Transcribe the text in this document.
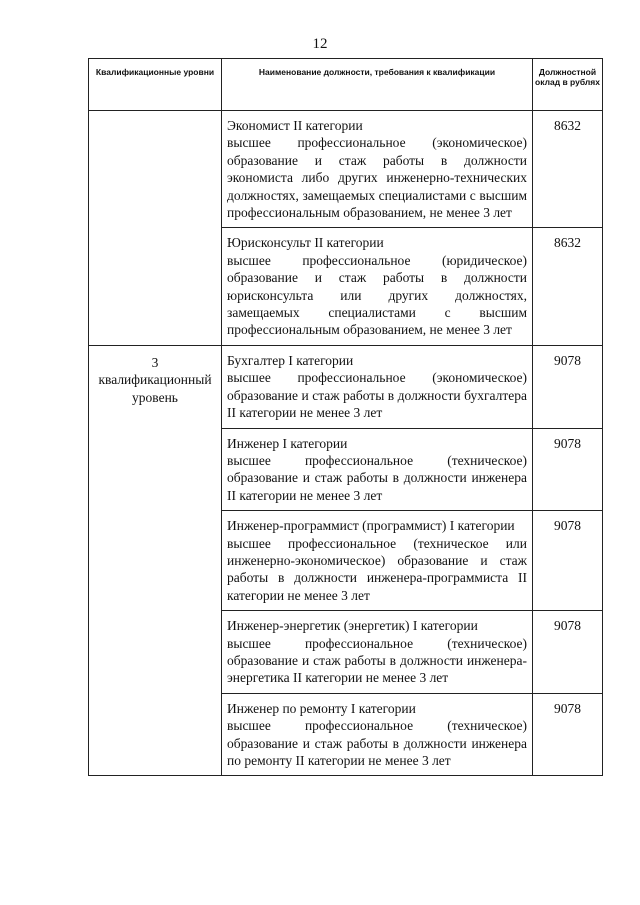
12
Квалификационные уровни	Наименование должности, требования к квалификации	Должностной оклад в рублях

	Экономист II категории
высшее профессиональное (экономическое) образование и стаж работы в должности экономиста либо других инженерно-технических должностях, замещаемых специалистами с высшим профессиональным образованием, не менее 3 лет	8632

	Юрисконсульт II категории
высшее профессиональное (юридическое) образование и стаж работы в должности юрисконсульта или других должностях, замещаемых специалистами с высшим профессиональным образованием, не менее 3 лет	8632
3 квалификационный уровень	Бухгалтер I категории
высшее профессиональное (экономическое) образование и стаж работы в должности бухгалтера II категории не менее 3 лет	9078

	Инженер I категории
высшее профессиональное (техническое) образование и стаж работы в должности инженера II категории не менее 3 лет	9078

	Инженер-программист (программист) I категории
высшее профессиональное (техническое или инженерно-экономическое) образование и стаж работы в должности инженера-программиста II категории не менее 3 лет	9078

	Инженер-энергетик (энергетик) I категории
высшее профессиональное (техническое) образование и стаж работы в должности инженера-энергетика II категории не менее 3 лет	9078

	Инженер по ремонту I категории
высшее профессиональное (техническое) образование и стаж работы в должности инженера по ремонту II категории не менее 3 лет	9078
